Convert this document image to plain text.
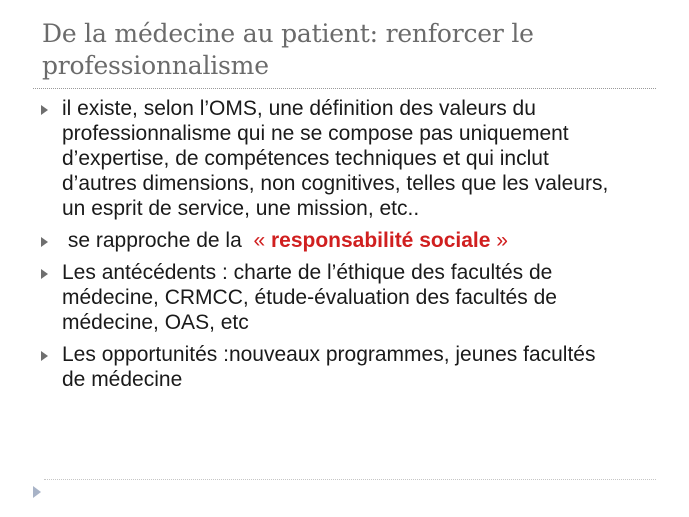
De la médecine au patient: renforcer le
professionnalisme
il existe, selon l’OMS, une définition des valeurs du
professionnalisme qui ne se compose pas uniquement
d’expertise, de compétences techniques et qui inclut
d’autres dimensions, non cognitives, telles que les valeurs,
un esprit de service, une mission, etc..
se rapproche de la  « responsabilité sociale »
Les antécédents : charte de l’éthique des facultés de
médecine, CRMCC, étude-évaluation des facultés de
médecine, OAS, etc
Les opportunités :nouveaux programmes, jeunes facultés
de médecine
